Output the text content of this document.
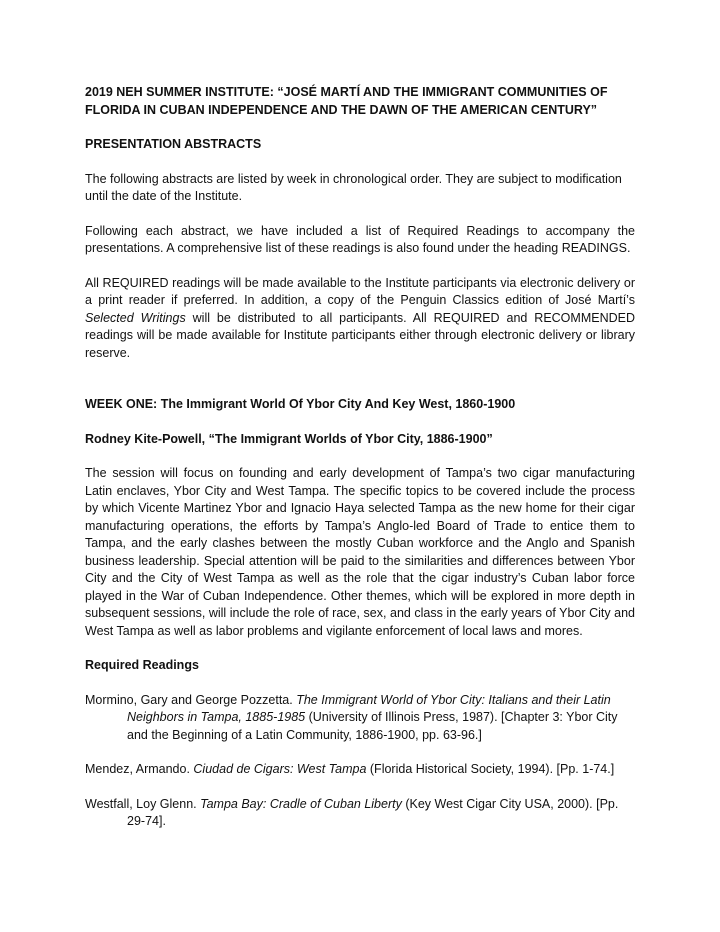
2019 NEH SUMMER INSTITUTE: “JOSÉ MARTÍ AND THE IMMIGRANT COMMUNITIES OF FLORIDA IN CUBAN INDEPENDENCE AND THE DAWN OF THE AMERICAN CENTURY”
PRESENTATION ABSTRACTS
The following abstracts are listed by week in chronological order. They are subject to modification until the date of the Institute.
Following each abstract, we have included a list of Required Readings to accompany the presentations. A comprehensive list of these readings is also found under the heading READINGS.
All REQUIRED readings will be made available to the Institute participants via electronic delivery or a print reader if preferred. In addition, a copy of the Penguin Classics edition of José Martí’s Selected Writings will be distributed to all participants. All REQUIRED and RECOMMENDED readings will be made available for Institute participants either through electronic delivery or library reserve.
WEEK ONE: The Immigrant World Of Ybor City And Key West, 1860-1900
Rodney Kite-Powell, “The Immigrant Worlds of Ybor City, 1886-1900”
The session will focus on founding and early development of Tampa’s two cigar manufacturing Latin enclaves, Ybor City and West Tampa. The specific topics to be covered include the process by which Vicente Martinez Ybor and Ignacio Haya selected Tampa as the new home for their cigar manufacturing operations, the efforts by Tampa’s Anglo-led Board of Trade to entice them to Tampa, and the early clashes between the mostly Cuban workforce and the Anglo and Spanish business leadership. Special attention will be paid to the similarities and differences between Ybor City and the City of West Tampa as well as the role that the cigar industry’s Cuban labor force played in the War of Cuban Independence. Other themes, which will be explored in more depth in subsequent sessions, will include the role of race, sex, and class in the early years of Ybor City and West Tampa as well as labor problems and vigilante enforcement of local laws and mores.
Required Readings
Mormino, Gary and George Pozzetta. The Immigrant World of Ybor City: Italians and their Latin Neighbors in Tampa, 1885-1985 (University of Illinois Press, 1987). [Chapter 3: Ybor City and the Beginning of a Latin Community, 1886-1900, pp. 63-96.]
Mendez, Armando. Ciudad de Cigars: West Tampa (Florida Historical Society, 1994). [Pp. 1-74.]
Westfall, Loy Glenn. Tampa Bay: Cradle of Cuban Liberty (Key West Cigar City USA, 2000). [Pp. 29-74].
